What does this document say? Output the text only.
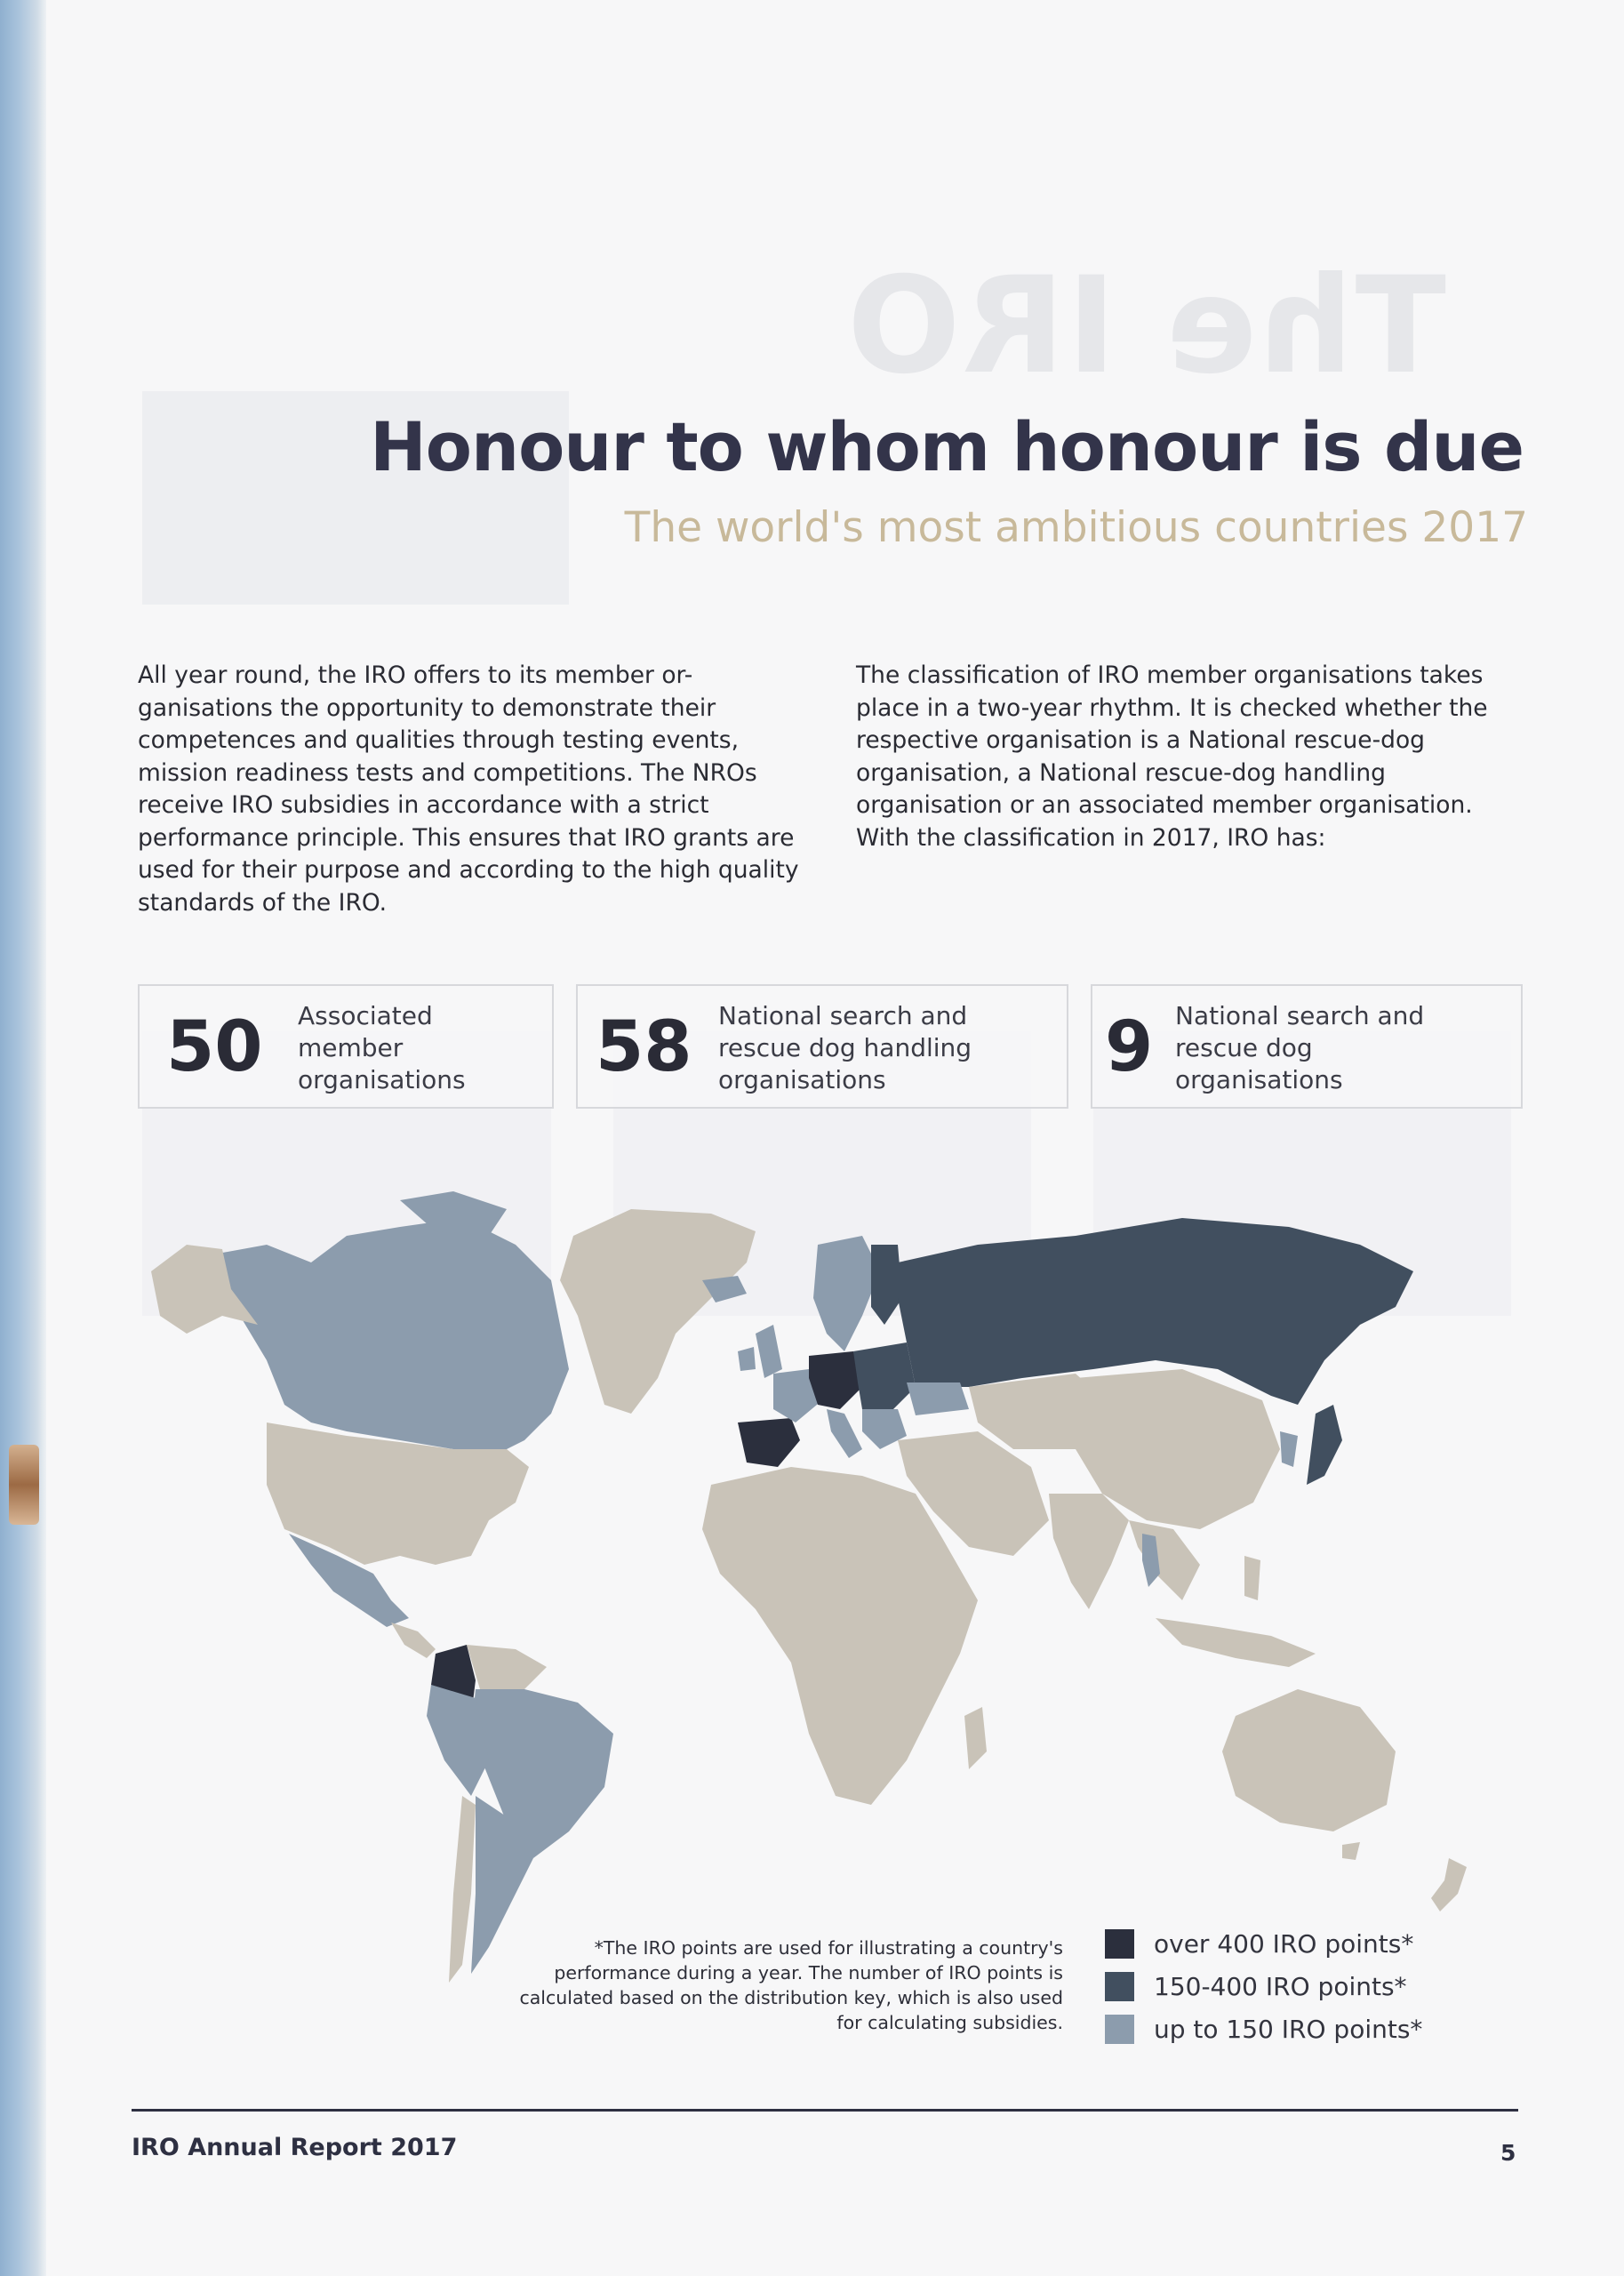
The IRO
Honour to whom honour is due
The world's most ambitious countries 2017

All year round, the IRO offers to its member or-ganisations the opportunity to demonstrate their competences and qualities through testing events, mission readiness tests and competitions. The NROs receive IRO subsidies in accordance with a strict performance principle. This ensures that IRO grants are used for their purpose and according to the high quality standards of the IRO.

The classification of IRO member organisations takes place in a two-year rhythm. It is checked whether the respective organisation is a National rescue-dog organisation, a National rescue-dog handling organisation or an associated member organisation.

With the classification in 2017, IRO has:

50 Associated member organisations	58 National search and rescue dog handling organisations	9 National search and rescue dog organisations
*The IRO points are used for illustrating a country's performance during a year. The number of IRO points is calculated based on the distribution key, which is also used for calculating subsidies.
over 400 IRO points*
150-400 IRO points*
up to 150 IRO points*
IRO Annual Report 2017	5
